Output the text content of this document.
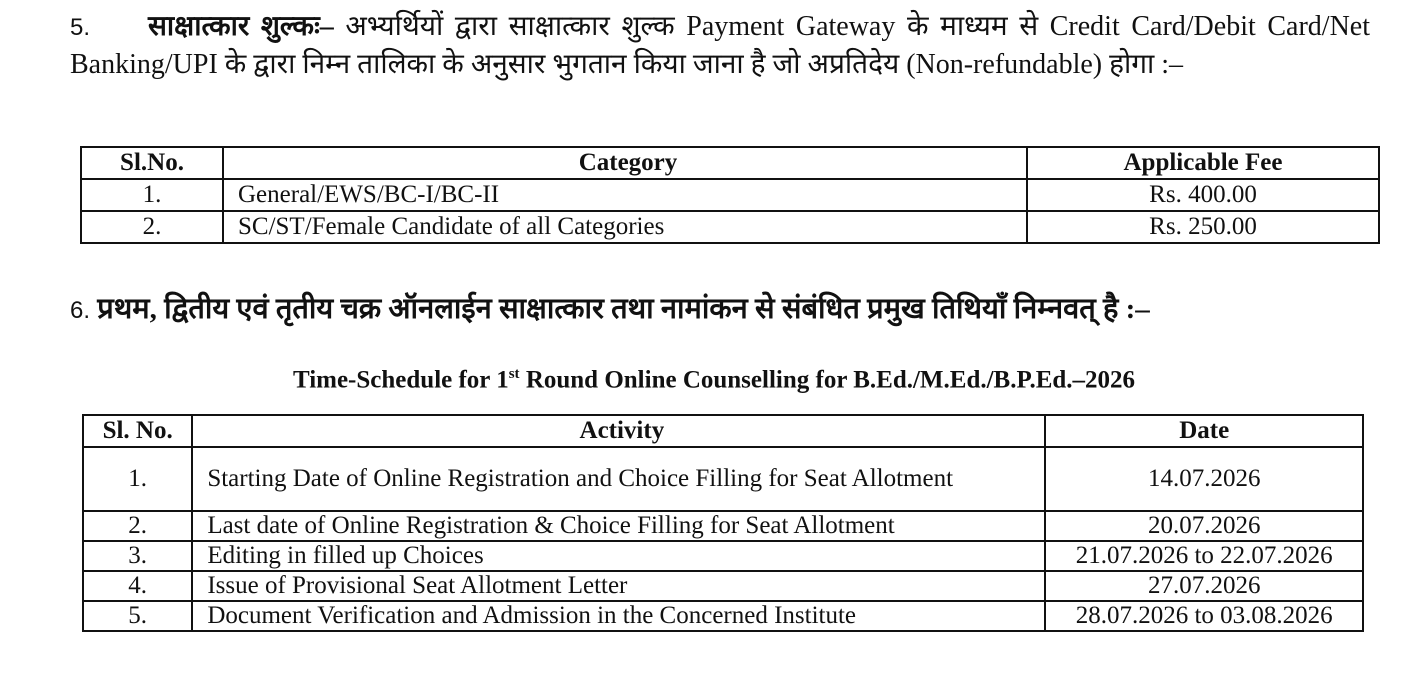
5. साक्षात्कार शुल्कः– अभ्यर्थियों द्वारा साक्षात्कार शुल्क Payment Gateway के माध्यम से Credit Card/Debit Card/Net Banking/UPI के द्वारा निम्न तालिका के अनुसार भुगतान किया जाना है जो अप्रतिदेय (Non-refundable) होगा :–
Sl.No.	Category	Applicable Fee
1.	General/EWS/BC-I/BC-II	Rs. 400.00
2.	SC/ST/Female Candidate of all Categories	Rs. 250.00
6. प्रथम, द्वितीय एवं तृतीय चक्र ऑनलाईन साक्षात्कार तथा नामांकन से संबंधित प्रमुख तिथियाँ निम्नवत् है :–
Time-Schedule for 1st Round Online Counselling for B.Ed./M.Ed./B.P.Ed.–2026
Sl. No.	Activity	Date
1.	Starting Date of Online Registration and Choice Filling for Seat Allotment	14.07.2026
2.	Last date of Online Registration & Choice Filling for Seat Allotment	20.07.2026
3.	Editing in filled up Choices	21.07.2026 to 22.07.2026
4.	Issue of Provisional Seat Allotment Letter	27.07.2026
5.	Document Verification and Admission in the Concerned Institute	28.07.2026 to 03.08.2026
